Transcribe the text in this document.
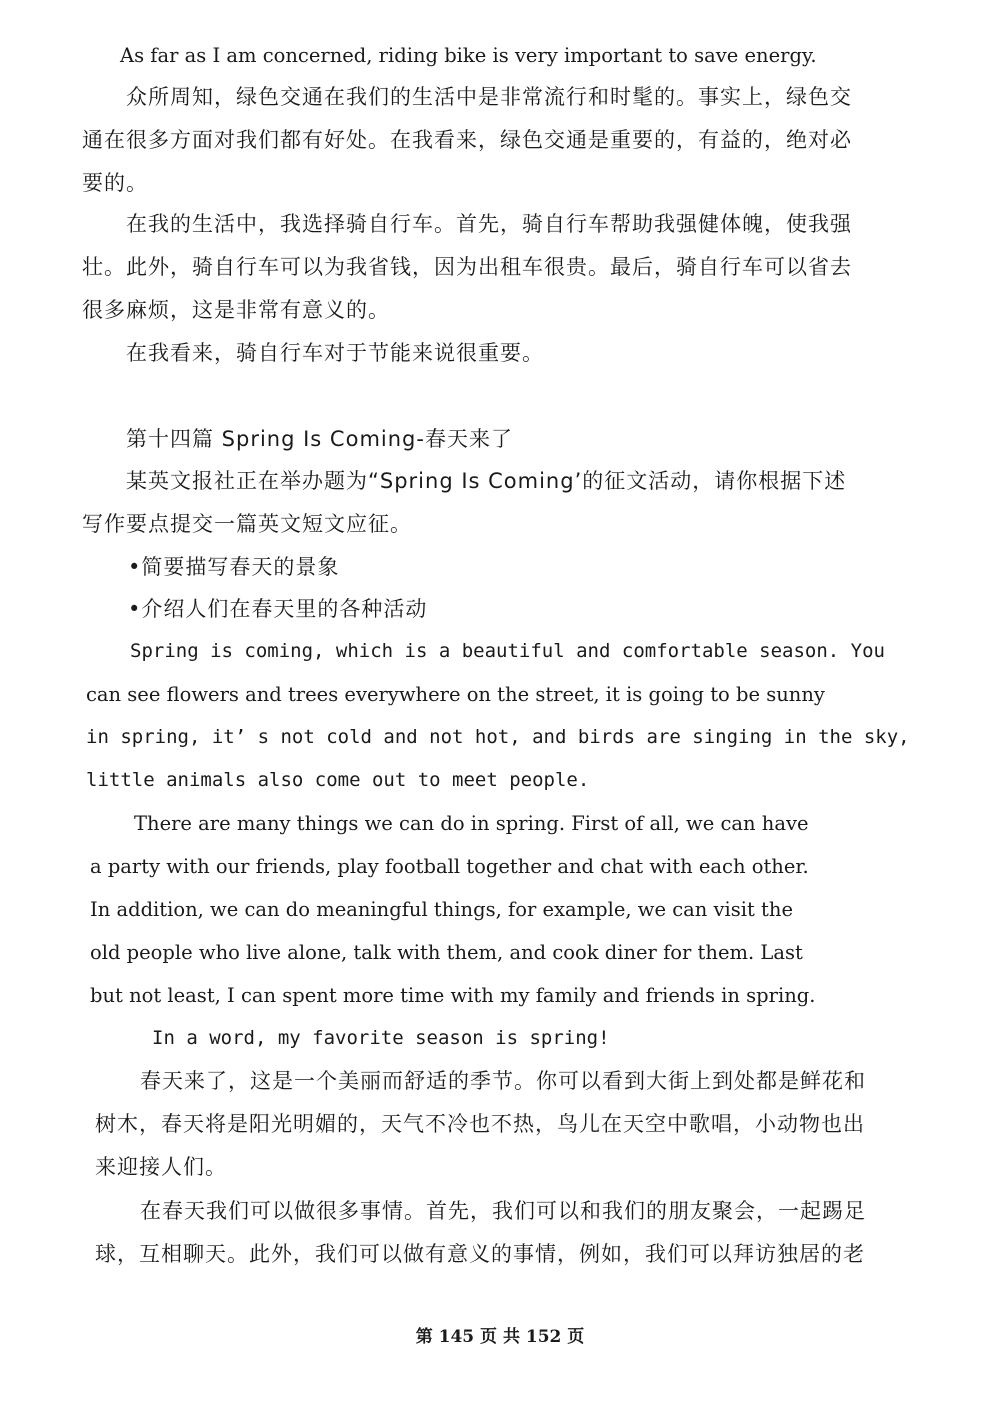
As far as I am concerned, riding bike is very important to save energy.

众所周知，绿色交通在我们的生活中是非常流行和时髦的。事实上，绿色交

通在很多方面对我们都有好处。在我看来，绿色交通是重要的，有益的，绝对必

要的。

在我的生活中，我选择骑自行车。首先，骑自行车帮助我强健体魄，使我强

壮。此外，骑自行车可以为我省钱，因为出租车很贵。最后，骑自行车可以省去

很多麻烦，这是非常有意义的。

在我看来，骑自行车对于节能来说很重要。

第十四篇 Spring Is Coming-春天来了

某英文报社正在举办题为“Spring Is Coming’的征文活动，请你根据下述

写作要点提交一篇英文短文应征。

•简要描写春天的景象

•介绍人们在春天里的各种活动

Spring is coming, which is a beautiful and comfortable season. You

can see flowers and trees everywhere on the street, it is going to be sunny

in spring, it’ s not cold and not hot, and birds are singing in the sky,

little animals also come out to meet people.

There are many things we can do in spring. First of all, we can have

a party with our friends, play football together and chat with each other.

In addition, we can do meaningful things, for example, we can visit the

old people who live alone, talk with them, and cook diner for them. Last

but not least, I can spent more time with my family and friends in spring.

In a word, my favorite season is spring!

春天来了，这是一个美丽而舒适的季节。你可以看到大街上到处都是鲜花和

树木，春天将是阳光明媚的，天气不冷也不热，鸟儿在天空中歌唱，小动物也出

来迎接人们。

在春天我们可以做很多事情。首先，我们可以和我们的朋友聚会，一起踢足

球，互相聊天。此外，我们可以做有意义的事情，例如，我们可以拜访独居的老

第 145 页 共 152 页
